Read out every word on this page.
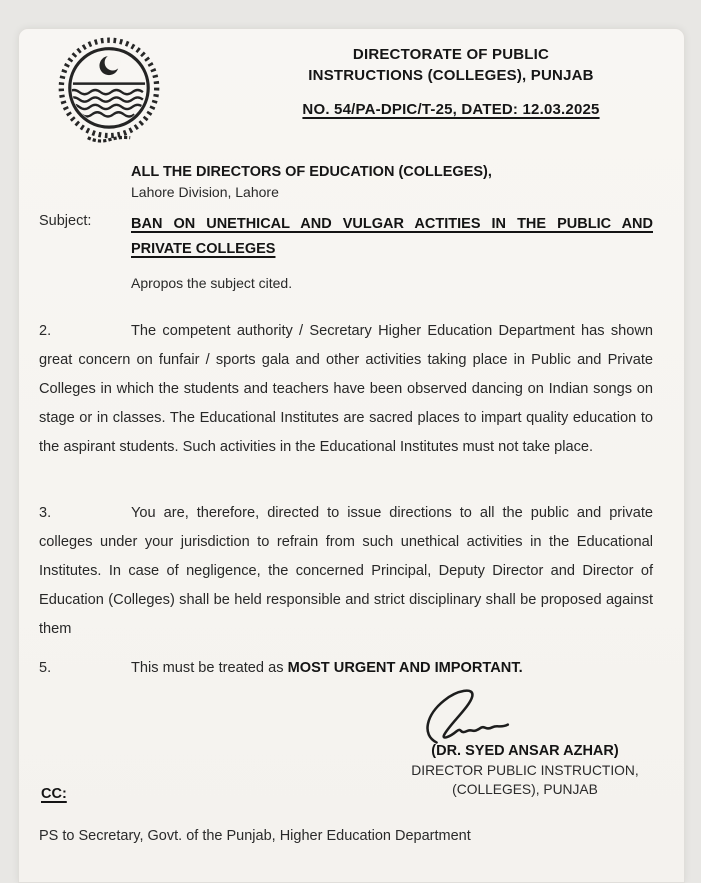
DIRECTORATE OF PUBLIC
INSTRUCTIONS (COLLEGES), PUNJAB
NO. 54/PA-DPIC/T-25, DATED: 12.03.2025
ALL THE DIRECTORS OF EDUCATION (COLLEGES),
Lahore Division, Lahore
Subject:	BAN ON UNETHICAL AND VULGAR ACTITIES IN THE PUBLIC AND PRIVATE COLLEGES
Apropos the subject cited.
2.	The competent authority / Secretary Higher Education Department has shown great concern on funfair / sports gala and other activities taking place in Public and Private Colleges in which the students and teachers have been observed dancing on Indian songs on stage or in classes. The Educational Institutes are sacred places to impart quality education to the aspirant students. Such activities in the Educational Institutes must not take place.

3.	You are, therefore, directed to issue directions to all the public and private colleges under your jurisdiction to refrain from such unethical activities in the Educational Institutes. In case of negligence, the concerned Principal, Deputy Director and Director of Education (Colleges) shall be held responsible and strict disciplinary shall be proposed against them

5.	This must be treated as MOST URGENT AND IMPORTANT.

(DR. SYED ANSAR AZHAR)
DIRECTOR PUBLIC INSTRUCTION,
(COLLEGES), PUNJAB
CC:
PS to Secretary, Govt. of the Punjab, Higher Education Department
